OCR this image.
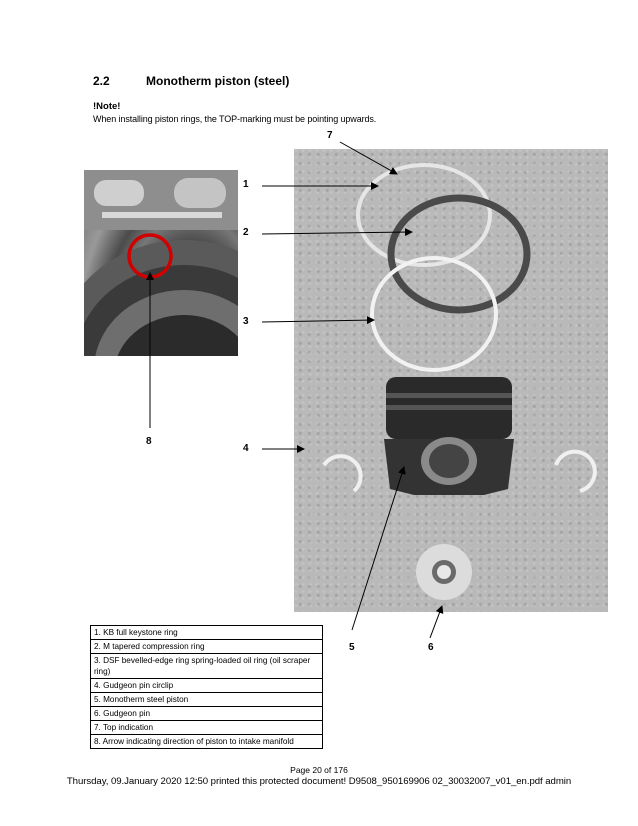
2.2	Monotherm piston (steel)
!Note!
When installing piston rings, the TOP-marking must be pointing upwards.
1
2
3
4
5	6
7
8
1. KB full keystone ring
2. M tapered compression ring
3. DSF bevelled-edge ring spring-loaded oil ring (oil scraper ring)
4. Gudgeon pin circlip
5. Monotherm steel piston
6. Gudgeon pin
7. Top indication
8. Arrow indicating direction of piston to intake manifold
Page 20 of 176
Thursday, 09.January 2020 12:50 printed this protected document! D9508_950169906 02_30032007_v01_en.pdf admin
